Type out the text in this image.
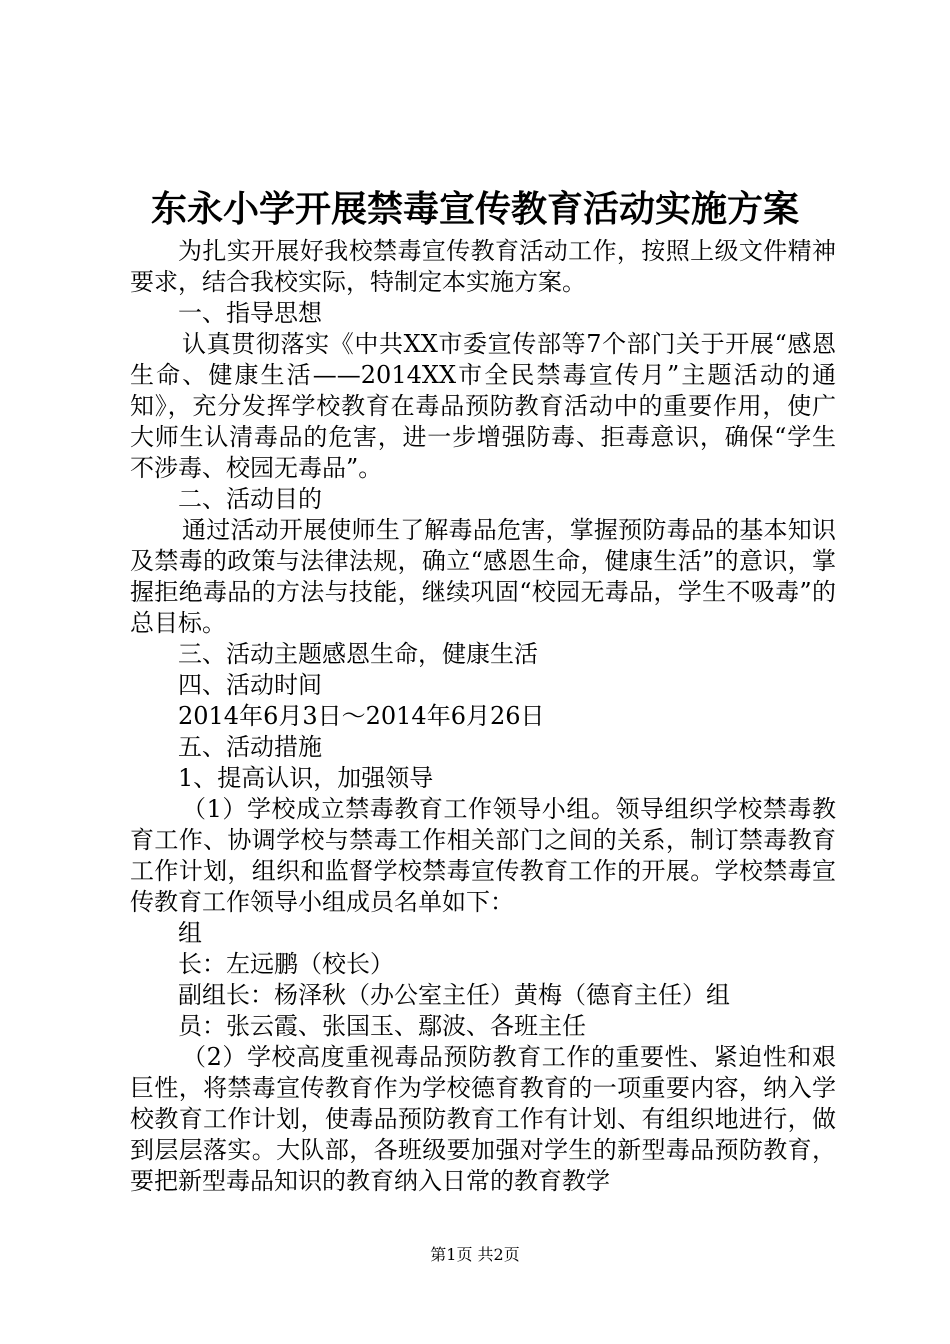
东永小学开展禁毒宣传教育活动实施方案

为扎实开展好我校禁毒宣传教育活动工作，按照上级文件精神要求，结合我校实际，特制定本实施方案。

一、指导思想

认真贯彻落实《中共XX市委宣传部等7个部门关于开展“感恩生命、健康生活——2014XX市全民禁毒宣传月”主题活动的通知》，充分发挥学校教育在毒品预防教育活动中的重要作用，使广大师生认清毒品的危害，进一步增强防毒、拒毒意识，确保“学生不涉毒、校园无毒品”。

二、活动目的

通过活动开展使师生了解毒品危害，掌握预防毒品的基本知识及禁毒的政策与法律法规，确立“感恩生命，健康生活”的意识，掌握拒绝毒品的方法与技能，继续巩固“校园无毒品，学生不吸毒”的总目标。

三、活动主题感恩生命，健康生活

四、活动时间

2014年6月3日～2014年6月26日

五、活动措施

1、提高认识，加强领导

（1）学校成立禁毒教育工作领导小组。领导组织学校禁毒教育工作、协调学校与禁毒工作相关部门之间的关系，制订禁毒教育工作计划，组织和监督学校禁毒宣传教育工作的开展。学校禁毒宣传教育工作领导小组成员名单如下：

组

长：左远鹏（校长）

副组长：杨泽秋（办公室主任）黄梅（德育主任）组

员：张云霞、张国玉、鄢波、各班主任

（2）学校高度重视毒品预防教育工作的重要性、紧迫性和艰巨性，将禁毒宣传教育作为学校德育教育的一项重要内容，纳入学校教育工作计划，使毒品预防教育工作有计划、有组织地进行，做到层层落实。大队部，各班级要加强对学生的新型毒品预防教育，要把新型毒品知识的教育纳入日常的教育教学

第1页 共2页
